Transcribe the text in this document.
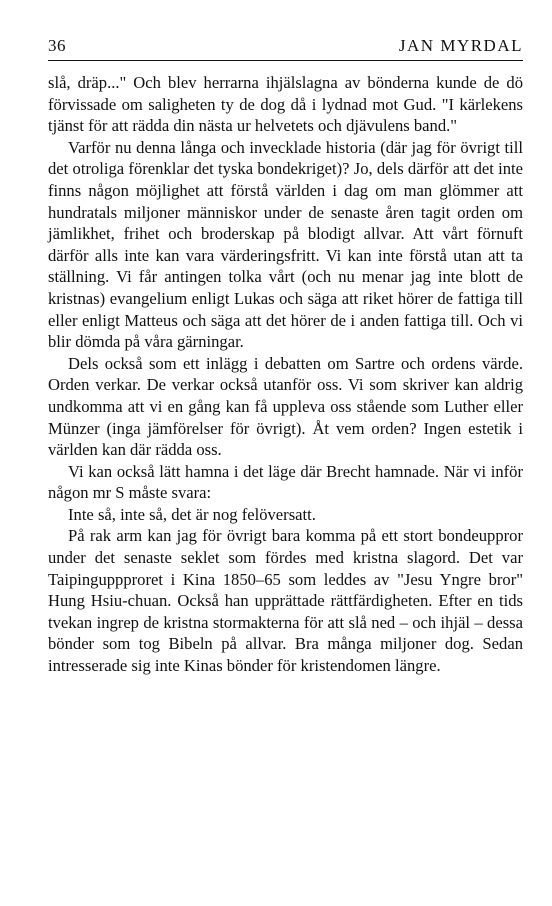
36	JAN MYRDAL

slå, dräp..." Och blev herrarna ihjälslagna av bönderna kunde de dö förvissade om saligheten ty de dog då i lydnad mot Gud. "I kärlekens tjänst för att rädda din nästa ur helvetets och djävulens band."

Varför nu denna långa och invecklade historia (där jag för övrigt till det otroliga förenklar det tyska bondekriget)? Jo, dels därför att det inte finns någon möjlighet att förstå världen i dag om man glömmer att hundratals miljoner människor under de senaste åren tagit orden om jämlikhet, frihet och broderskap på blodigt allvar. Att vårt förnuft därför alls inte kan vara värderingsfritt. Vi kan inte förstå utan att ta ställning. Vi får antingen tolka vårt (och nu menar jag inte blott de kristnas) evangelium enligt Lukas och säga att riket hörer de fattiga till eller enligt Matteus och säga att det hörer de i anden fattiga till. Och vi blir dömda på våra gärningar.

Dels också som ett inlägg i debatten om Sartre och ordens värde. Orden verkar. De verkar också utanför oss. Vi som skriver kan aldrig undkomma att vi en gång kan få uppleva oss stående som Luther eller Münzer (inga jämförelser för övrigt). Åt vem orden? Ingen estetik i världen kan där rädda oss.

Vi kan också lätt hamna i det läge där Brecht hamnade. När vi inför någon mr S måste svara:

Inte så, inte så, det är nog felöversatt.

På rak arm kan jag för övrigt bara komma på ett stort bondeuppror under det senaste seklet som fördes med kristna slagord. Det var Taipinguppproret i Kina 1850–65 som leddes av "Jesu Yngre bror" Hung Hsiu-chuan. Också han upprättade rättfärdigheten. Efter en tids tvekan ingrep de kristna stormakterna för att slå ned – och ihjäl – dessa bönder som tog Bibeln på allvar. Bra många miljoner dog. Sedan intresserade sig inte Kinas bönder för kristendomen längre.
